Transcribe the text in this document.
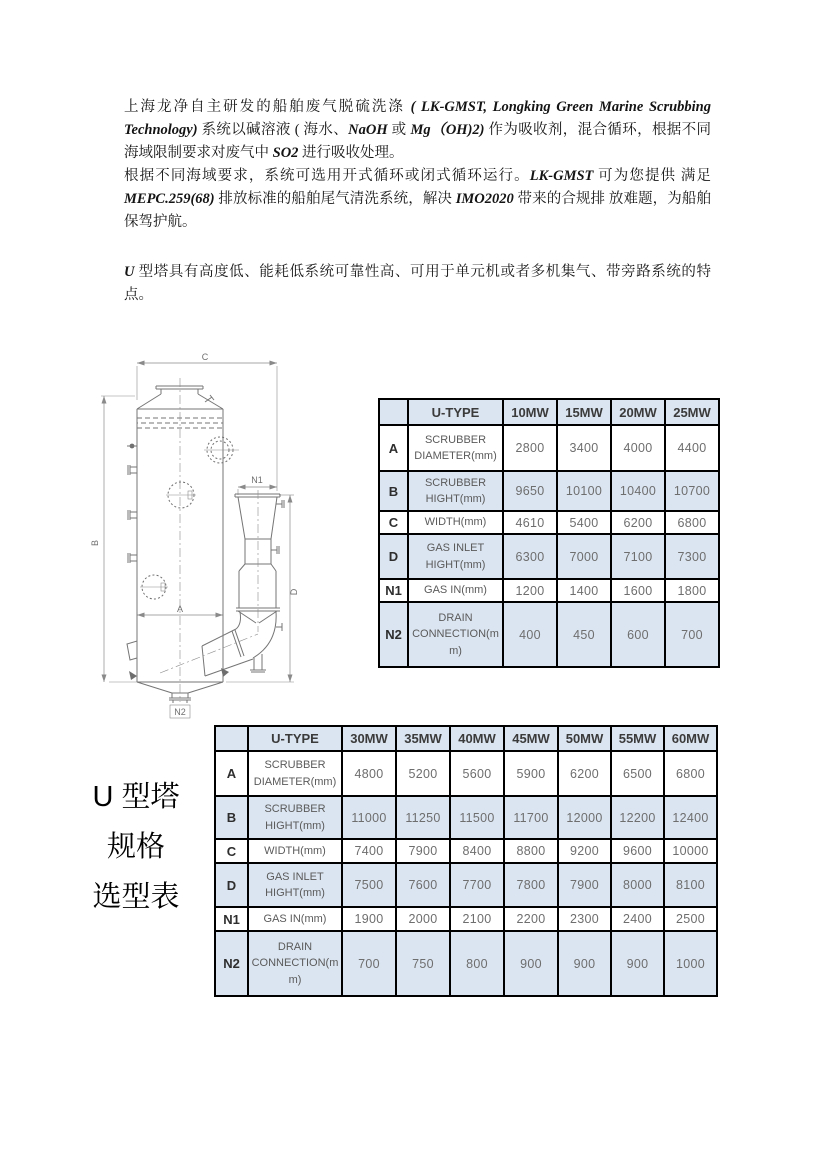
上海龙净自主研发的船舶废气脱硫洗涤 ( LK-GMST, Longking Green Marine Scrubbing Technology) 系统以碱溶液 ( 海水、NaOH 或 Mg（OH)2) 作为吸收剂，混合循环，根据不同海域限制要求对废气中 SO2 进行吸收处理。

根据不同海域要求，系统可选用开式循环或闭式循环运行。LK-GMST 可为您提供 满足 MEPC.259(68) 排放标准的船舶尾气清洗系统，解决 IMO2020 带来的合规排 放难题，为船舶保驾护航。

U 型塔具有高度低、能耗低系统可靠性高、可用于单元机或者多机集气、带旁路系统的特点。

C
B
A
D
N1
N2
U 型塔
规格
选型表
	U-TYPE	10MW	15MW	20MW	25MW
A	SCRUBBER DIAMETER(mm)	2800	3400	4000	4400
B	SCRUBBER HIGHT(mm)	9650	10100	10400	10700
C	WIDTH(mm)	4610	5400	6200	6800
D	GAS INLET HIGHT(mm)	6300	7000	7100	7300
N1	GAS IN(mm)	1200	1400	1600	1800
N2	DRAIN CONNECTION(mm)	400	450	600	700
	U-TYPE	30MW	35MW	40MW	45MW	50MW	55MW	60MW
A	SCRUBBER DIAMETER(mm)	4800	5200	5600	5900	6200	6500	6800
B	SCRUBBER HIGHT(mm)	11000	11250	11500	11700	12000	12200	12400
C	WIDTH(mm)	7400	7900	8400	8800	9200	9600	10000
D	GAS INLET HIGHT(mm)	7500	7600	7700	7800	7900	8000	8100
N1	GAS IN(mm)	1900	2000	2100	2200	2300	2400	2500
N2	DRAIN CONNECTION(mm)	700	750	800	900	900	900	1000
